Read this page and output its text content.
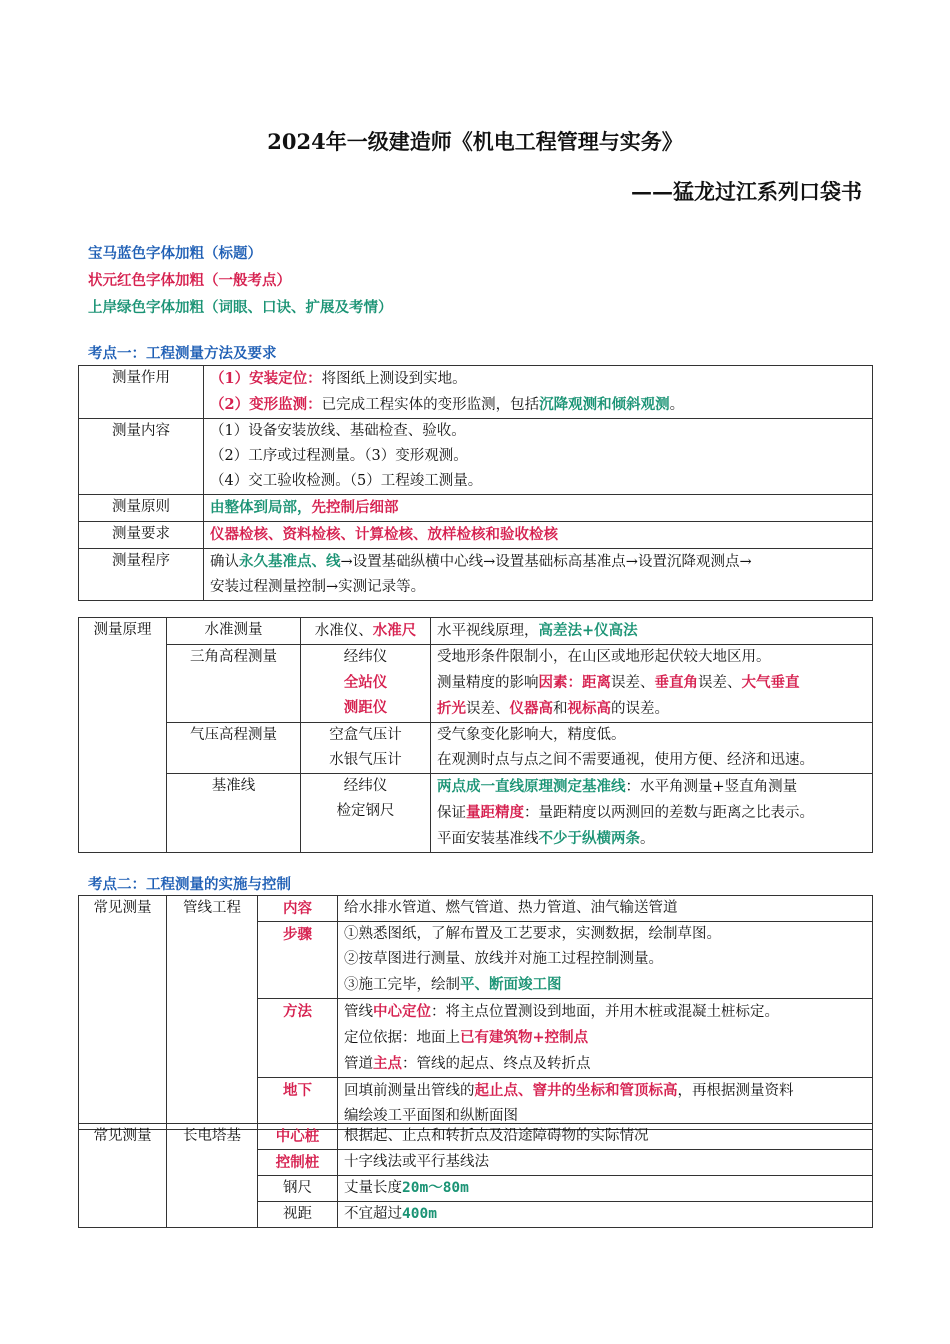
2024年一级建造师《机电工程管理与实务》
——猛龙过江系列口袋书
宝马蓝色字体加粗（标题）
状元红色字体加粗（一般考点）
上岸绿色字体加粗（词眼、口诀、扩展及考情）
考点一：工程测量方法及要求
测量作用	（1）安装定位：将图纸上测设到实地。
（2）变形监测：已完成工程实体的变形监测，包括沉降观测和倾斜观测。

测量内容	（1）设备安装放线、基础检查、验收。
（2）工序或过程测量。（3）变形观测。
（4）交工验收检测。（5）工程竣工测量。

测量原则	由整体到局部，先控制后细部
测量要求	仪器检核、资料检核、计算检核、放样检核和验收检核
测量程序	确认永久基准点、线→设置基础纵横中心线→设置基础标高基准点→设置沉降观测点→
安装过程测量控制→实测记录等。
测量原理	水准测量	水准仪、水准尺	水平视线原理，高差法+仪高法
	三角高程测量	经纬仪
全站仪
测距仪	受地形条件限制小，在山区或地形起伏较大地区用。
测量精度的影响因素：距离误差、垂直角误差、大气垂直
折光误差、仪器高和视标高的误差。

	气压高程测量	空盒气压计
水银气压计	受气象变化影响大，精度低。
在观测时点与点之间不需要通视，使用方便、经济和迅速。

	基准线	经纬仪
检定钢尺	两点成一直线原理测定基准线：水平角测量+竖直角测量
保证量距精度：量距精度以两测回的差数与距离之比表示。
平面安装基准线不少于纵横两条。
考点二：工程测量的实施与控制
常见测量	管线工程	内容	给水排水管道、燃气管道、热力管道、油气输送管道
		步骤	①熟悉图纸，了解布置及工艺要求，实测数据，绘制草图。
②按草图进行测量、放线并对施工过程控制测量。
③施工完毕，绘制平、断面竣工图

		方法	管线中心定位：将主点位置测设到地面，并用木桩或混凝土桩标定。
定位依据：地面上已有建筑物+控制点
管道主点：管线的起点、终点及转折点

		地下	回填前测量出管线的起止点、窨井的坐标和管顶标高，再根据测量资料
编绘竣工平面图和纵断面图
常见测量	长电塔基	中心桩	根据起、止点和转折点及沿途障碍物的实际情况
		控制桩	十字线法或平行基线法
		钢尺	丈量长度20m～80m
		视距	不宜超过400m
